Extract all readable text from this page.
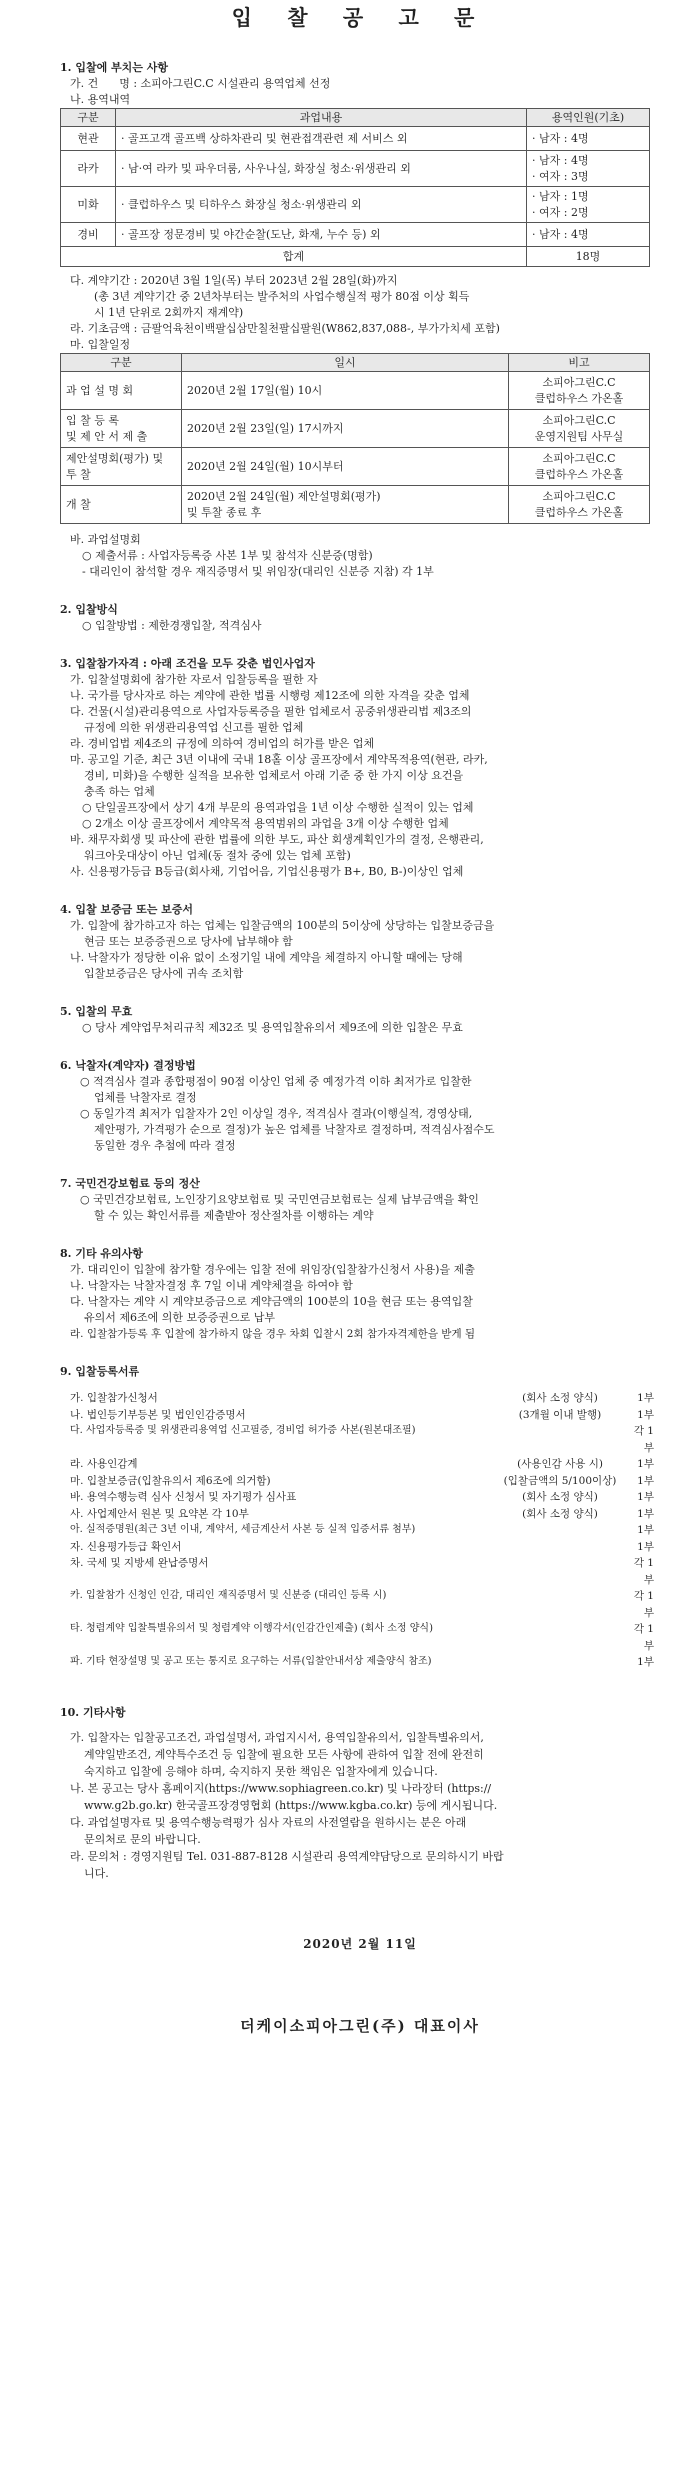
입 찰 공 고 문

1. 입찰에 부치는 사항

가. 건      명 : 소피아그린C.C 시설관리 용역업체 선정

나. 용역내역

구분	과업내용	용역인원(기초)
현관	· 골프고객 골프백 상하차관리 및 현관접객관련 제 서비스 외	· 남자 : 4명
라카	· 남·여 라카 및 파우더룸, 사우나실, 화장실 청소·위생관리 외	· 남자 : 4명
· 여자 : 3명
미화	· 클럽하우스 및 티하우스 화장실 청소·위생관리 외	· 남자 : 1명
· 여자 : 2명
경비	· 골프장 정문경비 및 야간순찰(도난, 화재, 누수 등) 외	· 남자 : 4명
합계		18명

다. 계약기간 : 2020년 3월 1일(목) 부터 2023년 2월 28일(화)까지

(총 3년 계약기간 중 2년차부터는 발주처의 사업수행실적 평가 80점 이상 획득
시 1년 단위로 2회까지 재계약)

라. 기초금액 : 금팔억육천이백팔십삼만칠천팔십팔원(W862,837,088-, 부가가치세 포함)

마. 입찰일정

구분	일시	비고
과 업 설 명 회	2020년 2월 17일(월) 10시	소피아그린C.C
클럽하우스 가온홀
입 찰 등 록
및 제 안 서 제 출	2020년 2월 23일(일) 17시까지	소피아그린C.C
운영지원팀 사무실
제안설명회(평가) 및
투 찰	2020년 2월 24일(월) 10시부터	소피아그린C.C
클럽하우스 가온홀
개 찰	2020년 2월 24일(월) 제안설명회(평가)
및 투찰 종료 후	소피아그린C.C
클럽하우스 가온홀

바. 과업설명회

○ 제출서류 : 사업자등록증 사본 1부 및 참석자 신분증(명함)

- 대리인이 참석할 경우 재직증명서 및 위임장(대리인 신분증 지참) 각 1부

2. 입찰방식

○ 입찰방법 : 제한경쟁입찰, 적격심사

3. 입찰참가자격 : 아래 조건을 모두 갖춘 법인사업자

가. 입찰설명회에 참가한 자로서 입찰등록을 필한 자

나. 국가를 당사자로 하는 계약에 관한 법률 시행령 제12조에 의한 자격을 갖춘 업체

다. 건물(시설)관리용역으로 사업자등록증을 필한 업체로서 공중위생관리법 제3조의
규정에 의한 위생관리용역업 신고를 필한 업체

라. 경비업법 제4조의 규정에 의하여 경비업의 허가를 받은 업체

마. 공고일 기준, 최근 3년 이내에 국내 18홀 이상 골프장에서 계약목적용역(현관, 라카,
경비, 미화)을 수행한 실적을 보유한 업체로서 아래 기준 중 한 가지 이상 요건을
충족 하는 업체

○ 단일골프장에서 상기 4개 부문의 용역과업을 1년 이상 수행한 실적이 있는 업체

○ 2개소 이상 골프장에서 계약목적 용역범위의 과업을 3개 이상 수행한 업체

바. 채무자회생 및 파산에 관한 법률에 의한 부도, 파산 회생계획인가의 결정, 은행관리,
워크아웃대상이 아닌 업체(동 절차 중에 있는 업체 포함)

사. 신용평가등급 B등급(회사채, 기업어음, 기업신용평가 B+, B0, B-)이상인 업체

4. 입찰 보증금 또는 보증서

가. 입찰에 참가하고자 하는 업체는 입찰금액의 100분의 5이상에 상당하는 입찰보증금을
현금 또는 보증증권으로 당사에 납부해야 함

나. 낙찰자가 정당한 이유 없이 소정기일 내에 계약을 체결하지 아니할 때에는 당해
입찰보증금은 당사에 귀속 조치함

5. 입찰의 무효

○ 당사 계약업무처리규칙 제32조 및 용역입찰유의서 제9조에 의한 입찰은 무효

6. 낙찰자(계약자) 결정방법

○ 적격심사 결과 종합평점이 90점 이상인 업체 중 예정가격 이하 최저가로 입찰한
업체를 낙찰자로 결정

○ 동일가격 최저가 입찰자가 2인 이상일 경우, 적격심사 결과(이행실적, 경영상태,
제안평가, 가격평가 순으로 결정)가 높은 업체를 낙찰자로 결정하며, 적격심사점수도
동일한 경우 추첨에 따라 결정

7. 국민건강보험료 등의 정산

○ 국민건강보험료, 노인장기요양보험료 및 국민연금보험료는 실제 납부금액을 확인
할 수 있는 확인서류를 제출받아 정산절차를 이행하는 계약

8. 기타 유의사항

가. 대리인이 입찰에 참가할 경우에는 입찰 전에 위임장(입찰참가신청서 사용)을 제출

나. 낙찰자는 낙찰자결정 후 7일 이내 계약체결을 하여야 함

다. 낙찰자는 계약 시 계약보증금으로 계약금액의 100분의 10을 현금 또는 용역입찰
유의서 제6조에 의한 보증증권으로 납부

라. 입찰참가등록 후 입찰에 참가하지 않을 경우 차회 입찰시 2회 참가자격제한을 받게 됨

9. 입찰등록서류

가. 입찰참가신청서	(회사 소정 양식)	1부
나. 법인등기부등본 및 법인인감증명서	(3개월 이내 발행)	1부
다. 사업자등록증 및 위생관리용역업 신고필증, 경비업 허가증 사본(원본대조필)	각 1부
라. 사용인감계	(사용인감 사용 시)	1부
마. 입찰보증금(입찰유의서 제6조에 의거함)	(입찰금액의 5/100이상)	1부
바. 용역수행능력 심사 신청서 및 자기평가 심사표	(회사 소정 양식)	1부
사. 사업제안서 원본 및 요약본 각 10부	(회사 소정 양식)	1부
아. 실적증명원(최근 3년 이내, 계약서, 세금계산서 사본 등 실적 입증서류 첨부)	1부
자. 신용평가등급 확인서	1부
차. 국세 및 지방세 완납증명서	각 1부
카. 입찰참가 신청인 인감, 대리인 재직증명서 및 신분증 (대리인 등록 시)	각 1부
타. 청렴계약 입찰특별유의서 및 청렴계약 이행각서(인감간인제출) (회사 소정 양식)	각 1부
파. 기타 현장설명 및 공고 또는 통지로 요구하는 서류(입찰안내서상 제출양식 참조)	1부

10. 기타사항

가. 입찰자는 입찰공고조건, 과업설명서, 과업지시서, 용역입찰유의서, 입찰특별유의서,
계약일반조건, 계약특수조건 등 입찰에 필요한 모든 사항에 관하여 입찰 전에 완전히
숙지하고 입찰에 응해야 하며, 숙지하지 못한 책임은 입찰자에게 있습니다.

나. 본 공고는 당사 홈페이지(https://www.sophiagreen.co.kr) 및 나라장터 (https://
www.g2b.go.kr) 한국골프장경영협회 (https://www.kgba.co.kr) 등에 게시됩니다.

다. 과업설명자료 및 용역수행능력평가 심사 자료의 사전열람을 원하시는 분은 아래
문의처로 문의 바랍니다.

라. 문의처 : 경영지원팀 Tel. 031-887-8128 시설관리 용역계약담당으로 문의하시기 바랍
니다.

2020년 2월 11일

더케이소피아그린(주) 대표이사
